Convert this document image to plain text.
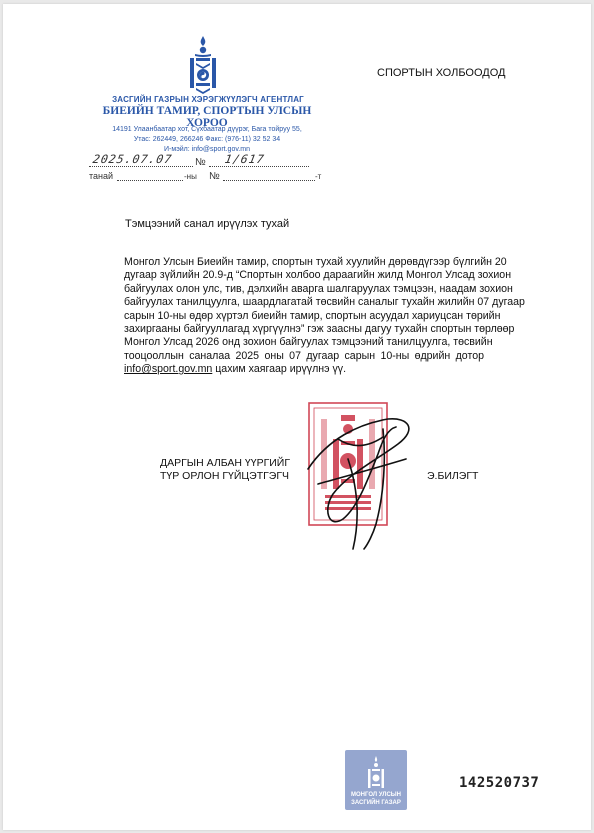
ЗАСГИЙН ГАЗРЫН ХЭРЭГЖҮҮЛЭГЧ АГЕНТЛАГ
БИЕИЙН ТАМИР, СПОРТЫН УЛСЫН ХОРОО
14191 Улаанбаатар хот, Сүхбаатар дүүрэг, Бага тойруу 55,
Утас: 262449, 266246 Факс: (976-11) 32 52 34
И-мэйл: info@sport.gov.mn
СПОРТЫН ХОЛБООДОД
2025.07.07 № 1/617
танай	-ны №	-т
Тэмцээний санал ирүүлэх тухай
Монгол Улсын Биеийн тамир, спортын тухай хуулийн дөрөвдүгээр бүлгийн 20
дугаар зүйлийн 20.9-д “Спортын холбоо дараагийн жилд Монгол Улсад зохион
байгуулах олон улс, тив, дэлхийн аварга шалгаруулах тэмцээн, наадам зохион
байгуулах танилцуулга, шаардлагатай төсвийн саналыг тухайн жилийн 07 дугаар
сарын 10-ны өдөр хүртэл биеийн тамир, спортын асуудал хариуцсан төрийн
захиргааны байгууллагад хүргүүлнэ” гэж заасны дагуу тухайн спортын төрлөөр
Монгол Улсад 2026 онд зохион байгуулах тэмцээний танилцуулга, төсвийн
тооцооллын саналаа 2025 оны 07 дугаар сарын 10-ны өдрийн дотор
info@sport.gov.mn цахим хаягаар ирүүлнэ үү.
ДАРГЫН АЛБАН ҮҮРГИЙГ
ТҮР ОРЛОН ГҮЙЦЭТГЭГЧ	Э.БИЛЭГТ
МОНГОЛ УЛСЫН
ЗАСГИЙН ГАЗАР
142520737
